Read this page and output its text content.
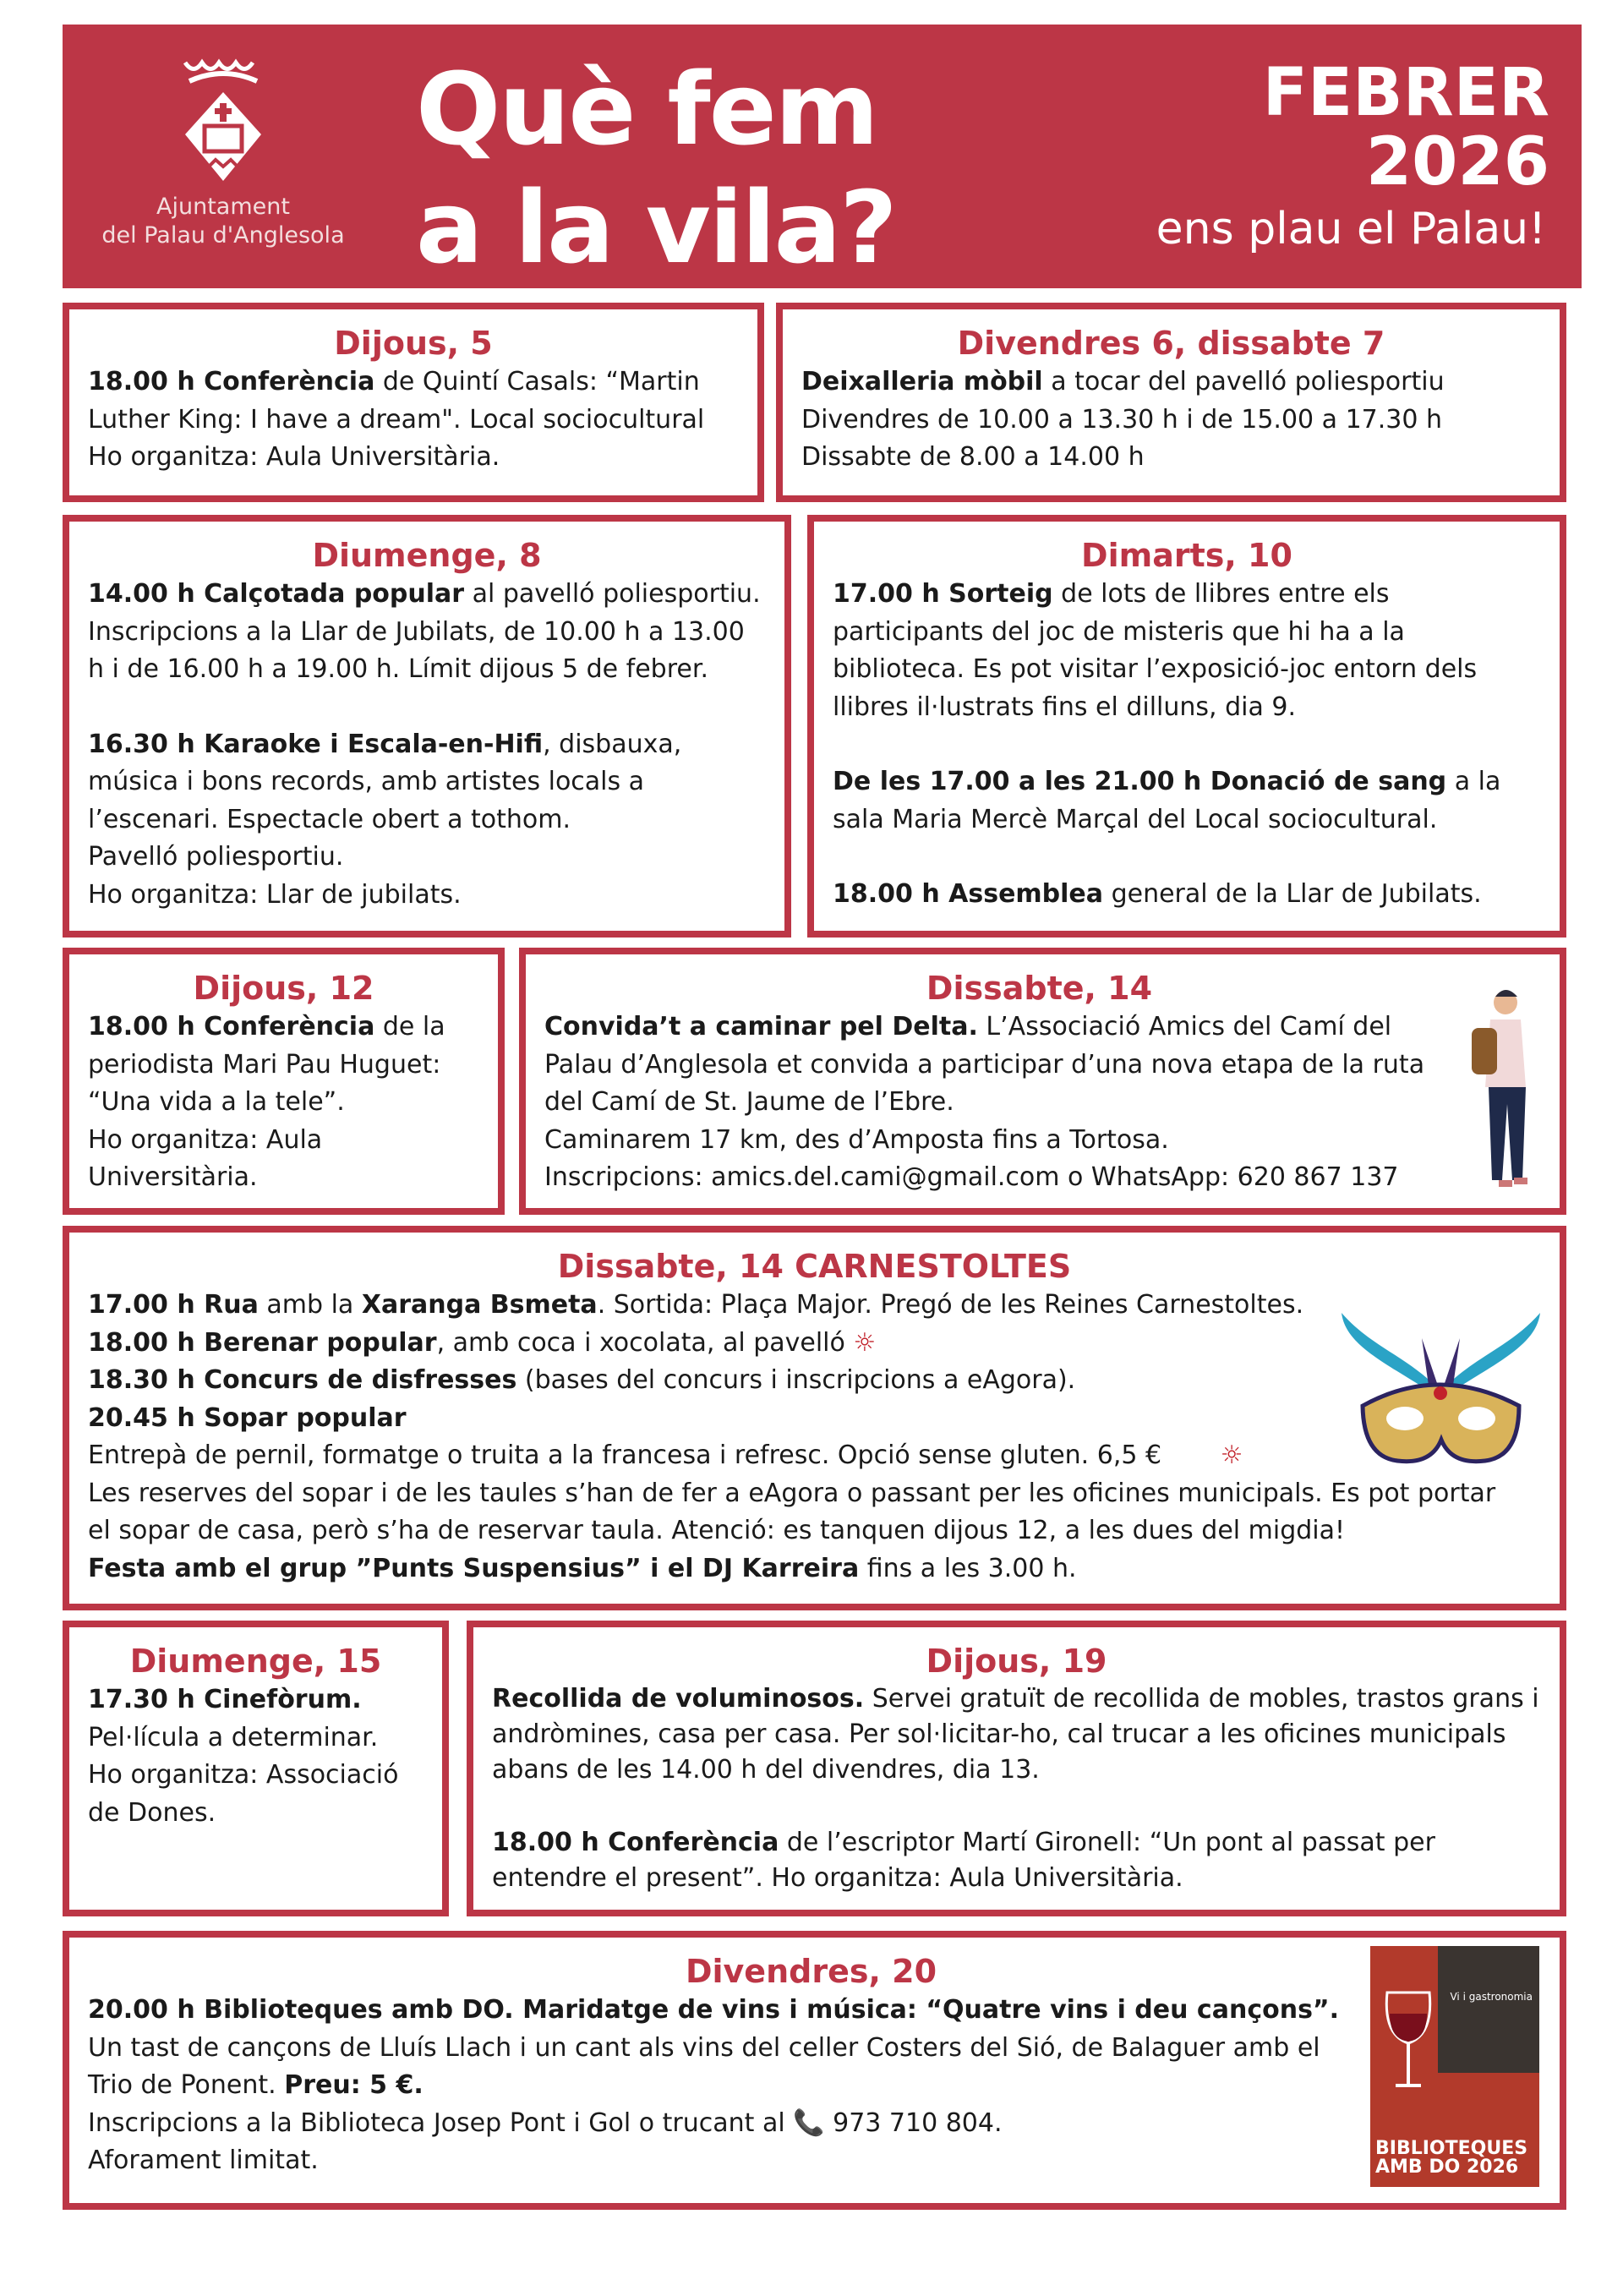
Ajuntament
del Palau d'Anglesola
Què fem
a la vila?
FEBRER
2026
ens plau el Palau!
Dijous, 5

18.00 h Conferència de Quintí Casals: “Martin Luther King: I have a dream". Local sociocultural

Ho organitza: Aula Universitària.

Divendres 6, dissabte 7

Deixalleria mòbil a tocar del pavelló poliesportiu

Divendres de 10.00 a 13.30 h i de 15.00 a 17.30 h

Dissabte de 8.00 a 14.00 h

Diumenge, 8

14.00 h Calçotada popular al pavelló poliesportiu. Inscripcions a la Llar de Jubilats, de 10.00 h a 13.00 h i de 16.00 h a 19.00 h. Límit dijous 5 de febrer.

16.30 h Karaoke i Escala-en-Hifi, disbauxa, música i bons records, amb artistes locals a l’escenari. Espectacle obert a tothom.

Pavelló poliesportiu.

Ho organitza: Llar de jubilats.

Dimarts, 10

17.00 h Sorteig de lots de llibres entre els participants del joc de misteris que hi ha a la biblioteca. Es pot visitar l’exposició-joc entorn dels llibres il·lustrats fins el dilluns, dia 9.

De les 17.00 a les 21.00 h Donació de sang a la sala Maria Mercè Marçal del Local sociocultural.

18.00 h Assemblea general de la Llar de Jubilats.

Dijous, 12

18.00 h Conferència de la periodista Mari Pau Huguet: “Una vida a la tele”.

Ho organitza: Aula Universitària.

Dissabte, 14

Convida’t a caminar pel Delta. L’Associació Amics del Camí del Palau d’Anglesola et convida a participar d’una nova etapa de la ruta del Camí de St. Jaume de l’Ebre.

Caminarem 17 km, des d’Amposta fins a Tortosa.

Inscripcions: amics.del.cami@gmail.com o WhatsApp: 620 867 137

Dissabte, 14 CARNESTOLTES

17.00 h Rua amb la Xaranga Bsmeta. Sortida: Plaça Major. Pregó de les Reines Carnestoltes.

18.00 h Berenar popular, amb coca i xocolata, al pavelló ☼

18.30 h Concurs de disfresses (bases del concurs i inscripcions a eAgora).

20.45 h Sopar popular

Entrepà de pernil, formatge o truita a la francesa i refresc. Opció sense gluten. 6,5 € ☼

Les reserves del sopar i de les taules s’han de fer a eAgora o passant per les oficines municipals. Es pot portar el sopar de casa, però s’ha de reservar taula. Atenció: es tanquen dijous 12, a les dues del migdia!

Festa amb el grup ”Punts Suspensius” i el DJ Karreira fins a les 3.00 h.

Diumenge, 15

17.30 h Cinefòrum.

Pel·lícula a determinar.

Ho organitza: Associació de Dones.

Dijous, 19

Recollida de voluminosos. Servei gratuït de recollida de mobles, trastos grans i andròmines, casa per casa. Per sol·licitar-ho, cal trucar a les oficines municipals abans de les 14.00 h del divendres, dia 13.

18.00 h Conferència de l’escriptor Martí Gironell: “Un pont al passat per entendre el present”. Ho organitza: Aula Universitària.

Divendres, 20

20.00 h Biblioteques amb DO. Maridatge de vins i música: “Quatre vins i deu cançons”.

Un tast de cançons de Lluís Llach i un cant als vins del celler Costers del Sió, de Balaguer amb el Trio de Ponent. Preu: 5 €.

Inscripcions a la Biblioteca Josep Pont i Gol o trucant al 📞 973 710 804.

Aforament limitat.

Vi i gastronomia
BIBLIOTEQUES AMB DO 2026
